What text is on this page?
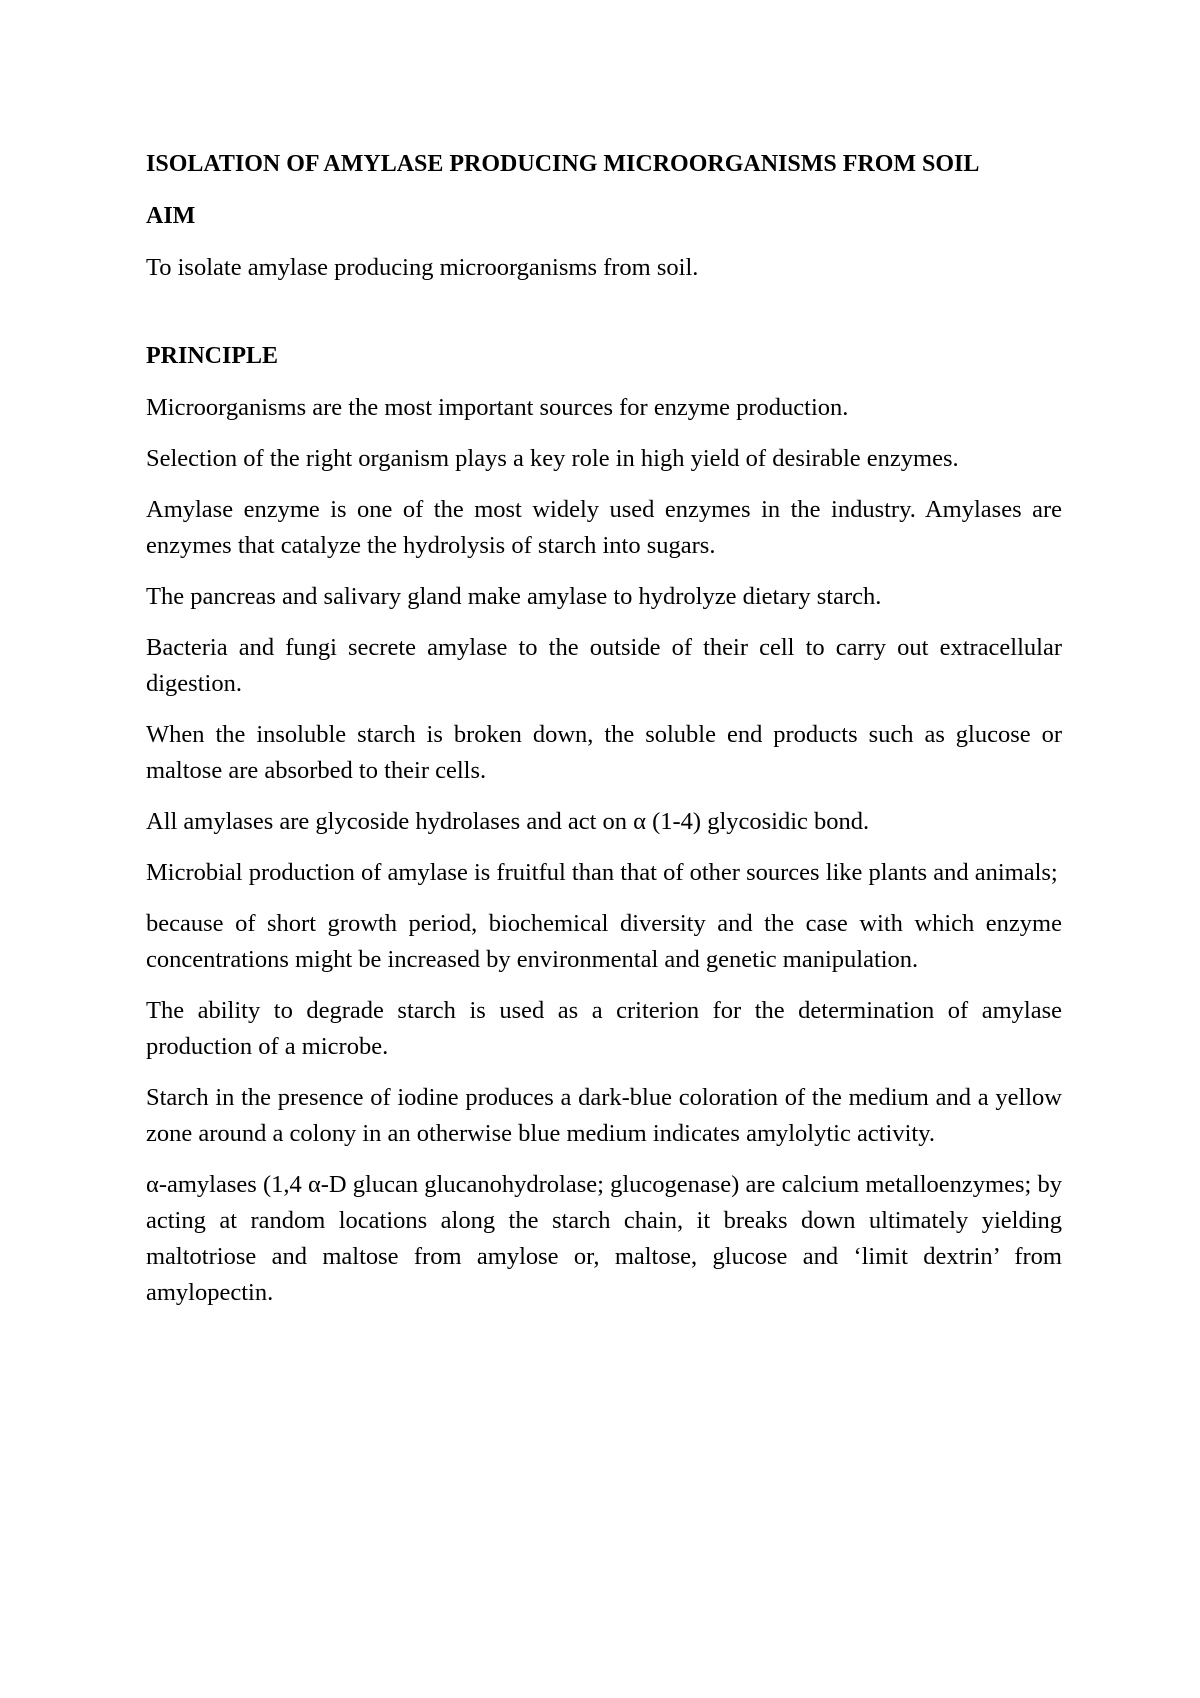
ISOLATION OF AMYLASE PRODUCING MICROORGANISMS FROM SOIL
AIM

To isolate amylase producing microorganisms from soil.

PRINCIPLE

Microorganisms are the most important sources for enzyme production.

Selection of the right organism plays a key role in high yield of desirable enzymes.

Amylase enzyme is one of the most widely used enzymes in the industry. Amylases are enzymes that catalyze the hydrolysis of starch into sugars.

The pancreas and salivary gland make amylase to hydrolyze dietary starch.

Bacteria and fungi secrete amylase to the outside of their cell to carry out extracellular digestion.

When the insoluble starch is broken down, the soluble end products such as glucose or maltose are absorbed to their cells.

All amylases are glycoside hydrolases and act on α (1-4) glycosidic bond.

Microbial production of amylase is fruitful than that of other sources like plants and animals;

because of short growth period, biochemical diversity and the case with which enzyme concentrations might be increased by environmental and genetic manipulation.

The ability to degrade starch is used as a criterion for the determination of amylase production of a microbe.

Starch in the presence of iodine produces a dark-blue coloration of the medium and a yellow zone around a colony in an otherwise blue medium indicates amylolytic activity.

α-amylases (1,4 α-D glucan glucanohydrolase; glucogenase) are calcium metalloenzymes; by acting at random locations along the starch chain, it breaks down ultimately yielding maltotriose and maltose from amylose or, maltose, glucose and ‘limit dextrin’ from amylopectin.
